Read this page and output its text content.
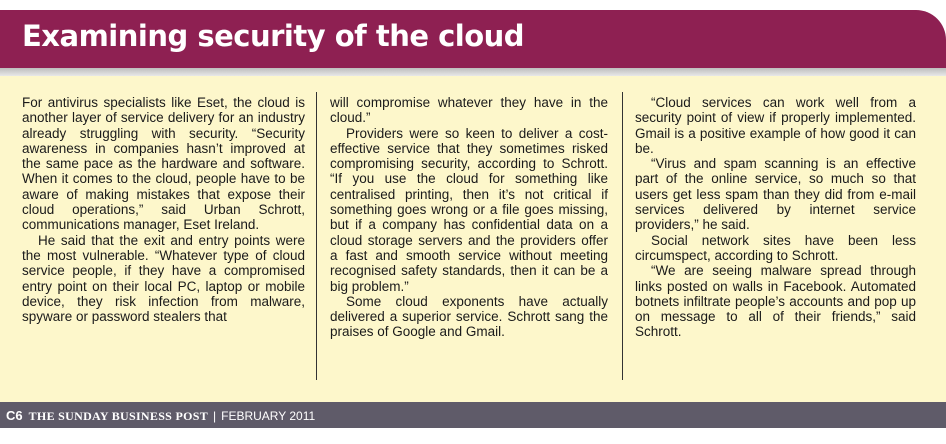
Examining security of the cloud

For antivirus specialists like Eset, the cloud is another layer of service delivery for an industry already struggling with security. “Security awareness in companies hasn’t improved at the same pace as the hardware and software. When it comes to the cloud, people have to be aware of making mistakes that expose their cloud operations,” said Urban Schrott, communications manager, Eset Ireland.

He said that the exit and entry points were the most vulnerable. “Whatever type of cloud service people, if they have a compromised entry point on their local PC, laptop or mobile device, they risk infection from malware, spyware or password stealers that

will compromise whatever they have in the cloud.”

Providers were so keen to deliver a cost-effective service that they sometimes risked compromising security, according to Schrott. “If you use the cloud for something like centralised printing, then it’s not critical if something goes wrong or a file goes missing, but if a company has confidential data on a cloud storage servers and the providers offer a fast and smooth service without meeting recognised safety standards, then it can be a big problem.”

Some cloud exponents have actually delivered a superior service. Schrott sang the praises of Google and Gmail.

“Cloud services can work well from a security point of view if properly implemented. Gmail is a positive example of how good it can be.

“Virus and spam scanning is an effective part of the online service, so much so that users get less spam than they did from e-mail services delivered by internet service providers,” he said.

Social network sites have been less circumspect, according to Schrott.

“We are seeing malware spread through links posted on walls in Facebook. Automated botnets infiltrate people’s accounts and pop up on message to all of their friends,” said Schrott.

C6 THE SUNDAY BUSINESS POST | FEBRUARY 2011
